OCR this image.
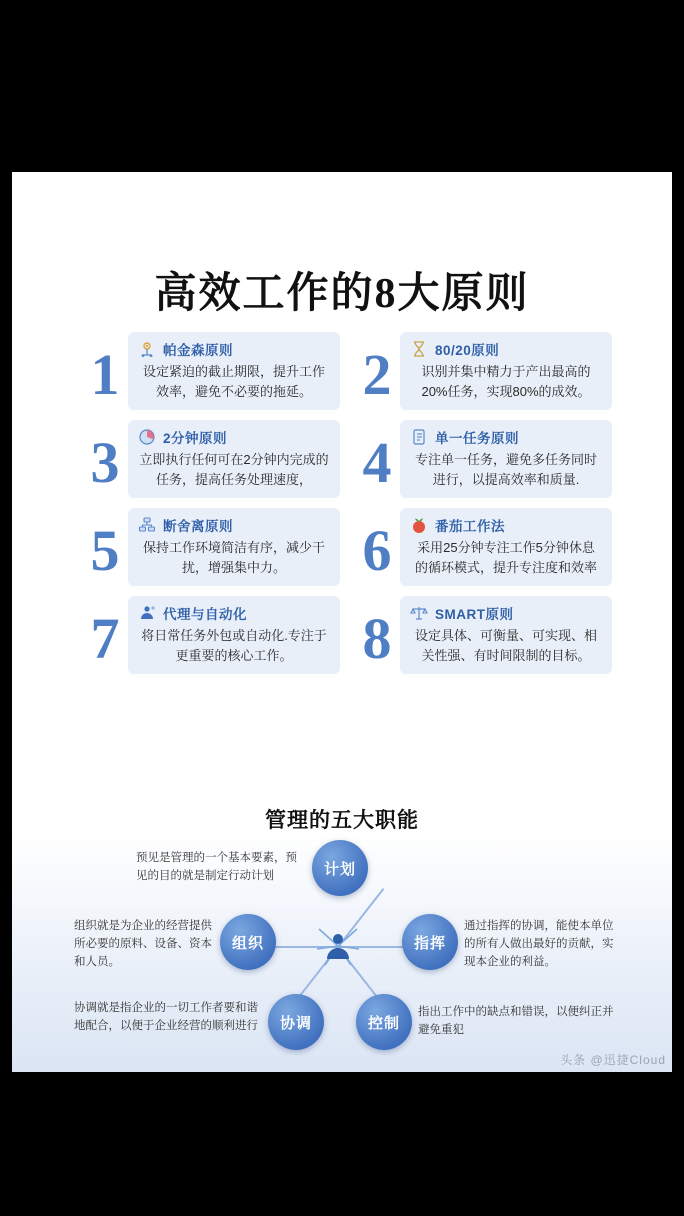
高效工作的8大原则
1	帕金森原则
设定紧迫的截止期限，提升工作效率，避免不必要的拖延。 2	80/20原则
识别并集中精力于产出最高的20%任务，实现80%的成效。
3	2分钟原则
立即执行任何可在2分钟内完成的任务，提高任务处理速度， 4	单一任务原则
专注单一任务，避免多任务同时进行，以提高效率和质量.
5	断舍离原则
保持工作环境简洁有序，减少干扰，增强集中力。	6	番茄工作法
采用25分钟专注工作5分钟休息的循环模式，提升专注度和效率
7	代理与自动化
将日常任务外包或自动化.专注于更重要的核心工作。	8	SMART原则
设定具体、可衡量、可实现、相关性强、有时间限制的目标。
管理的五大职能
计划
组织	指挥
协调	控制
预见是管理的一个基本要素，预见的目的就是制定行动计划
组织就是为企业的经营提供所必要的原料、设备、资本和人员。
通过指挥的协调，能使本单位的所有人做出最好的贡献，实现本企业的利益。
协调就是指企业的一切工作者要和谐地配合，以便于企业经营的顺利进行
指出工作中的缺点和错误，以便纠正并避免重犯
头条 @迅捷Cloud
